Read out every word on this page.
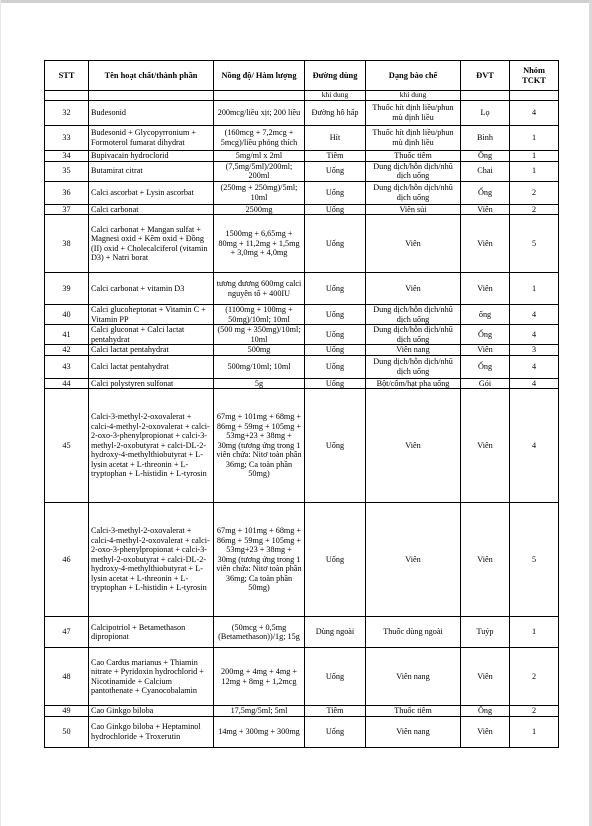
STT	Tên hoạt chất/thành phần	Nồng độ/ Hàm lượng	Đường dùng	Dạng bào chế	ĐVT	Nhóm TCKT
			khí dung	khí dung		
32	Budesonid	200mcg/liều xịt; 200 liều	Đường hô hấp	Thuốc hít định liều/phun mù định liều	Lọ	4
33	Budesonid + Glycopyrronium + Formoterol fumarat dihydrat	(160mcg + 7,2mcg + 5mcg)/liều phóng thích	Hít	Thuốc hít định liều/phun mù định liều	Bình	1
34	Bupivacain hydroclorid	5mg/ml x 2ml	Tiêm	Thuốc tiêm	Ống	1
35	Butamirat citrat	(7,5mg/5ml)/200ml; 200ml	Uống	Dung dịch/hỗn dịch/nhũ dịch uống	Chai	1
36	Calci ascorbat + Lysin ascorbat	(250mg + 250mg)/5ml; 10ml	Uống	Dung dịch/hỗn dịch/nhũ dịch uống	Ống	2
37	Calci carbonat	2500mg	Uống	Viên sủi	Viên	2
38	Calci carbonat + Mangan sulfat + Magnesi oxid + Kẽm oxid + Đồng (II) oxid + Cholecalciferol (vitamin D3) + Natri borat	1500mg + 6,65mg + 80mg + 11,2mg + 1,5mg + 3,0mg + 4,0mg	Uống	Viên	Viên	5
39	Calci carbonat + vitamin D3	tương đương 600mg calci nguyên tố + 400IU	Uống	Viên	Viên	1
40	Calci glucoheptonat + Vitamin C + Vitamin PP	(1100mg + 100mg + 50mg)/10ml; 10ml	Uống	Dung dịch/hỗn dịch/nhũ dịch uống	ống	4
41	Calci gluconat + Calci lactat pentahydrat	(500 mg + 350mg)/10ml; 10ml	Uống	Dung dịch/hỗn dịch/nhũ dịch uống	Ống	4
42	Calci lactat pentahydrat	500mg	Uống	Viên nang	Viên	3
43	Calci lactat pentahydrat	500mg/10ml; 10ml	Uống	Dung dịch/hỗn dịch/nhũ dịch uống	Ống	4
44	Calci polystyren sulfonat	5g	Uống	Bột/cốm/hạt pha uống	Gói	4
45	Calci-3-methyl-2-oxovalerat + calci-4-methyl-2-oxovalerat + calci-2-oxo-3-phenylpropionat + calci-3-methyl-2-oxobutyrat + calci-DL-2-hydroxy-4-methylthiobutyrat + L-lysin acetat + L-threonin + L-tryptophan + L-histidin + L-tyrosin	67mg + 101mg + 68mg + 86mg + 59mg + 105mg + 53mg+23 + 38mg + 30mg (tương ứng trong 1 viên chứa: Nitơ toàn phần 36mg; Ca toàn phần 50mg)	Uống	Viên	Viên	4
46	Calci-3-methyl-2-oxovalerat + calci-4-methyl-2-oxovalerat + calci-2-oxo-3-phenylpropionat + calci-3-methyl-2-oxobutyrat + calci-DL-2-hydroxy-4-methylthiobutyrat + L-lysin acetat + L-threonin + L-tryptophan + L-histidin + L-tyrosin	67mg + 101mg + 68mg + 86mg + 59mg + 105mg + 53mg+23 + 38mg + 30mg (tương ứng trong 1 viên chứa: Nitơ toàn phần 36mg; Ca toàn phần 50mg)	Uống	Viên	Viên	5
47	Calcipotriol + Betamethason dipropionat	(50mcg + 0,5mg (Betamethason))/1g; 15g	Dùng ngoài	Thuốc dùng ngoài	Tuýp	1
48	Cao Cardus marianus + Thiamin nitrate + Pyridoxin hydrochlorid + Nicotinamide + Calcium pantothenate + Cyanocobalamin	200mg + 4mg + 4mg + 12mg + 8mg + 1,2mcg	Uống	Viên nang	Viên	2
49	Cao Ginkgo biloba	17,5mg/5ml; 5ml	Tiêm	Thuốc tiêm	Ống	2
50	Cao Ginkgo biloba + Heptaminol hydrochloride + Troxerutin	14mg + 300mg + 300mg	Uống	Viên nang	Viên	1
